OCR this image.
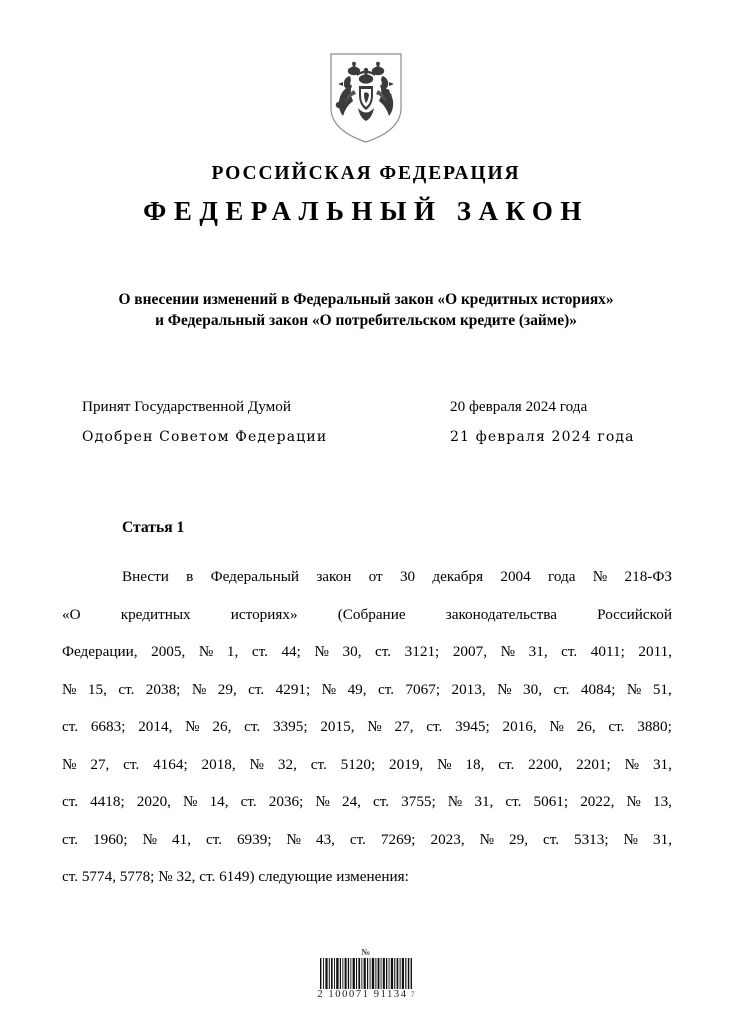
РОССИЙСКАЯ ФЕДЕРАЦИЯ
ФЕДЕРАЛЬНЫЙ ЗАКОН
О внесении изменений в Федеральный закон «О кредитных историях»
и Федеральный закон «О потребительском кредите (займе)»
Принят Государственной Думой	20 февраля 2024 года
Одобрен Советом Федерации	21 февраля 2024 года
Статья 1
Внести в Федеральный закон от 30 декабря 2004 года № 218-ФЗ
«О	кредитных	историях»	(Собрание	законодательства	Российской
Федерации, 2005, № 1, ст. 44; № 30, ст. 3121; 2007, № 31, ст. 4011; 2011,
№ 15, ст. 2038; № 29, ст. 4291; № 49, ст. 7067; 2013, № 30, ст. 4084; № 51,
ст. 6683; 2014, № 26, ст. 3395; 2015, № 27, ст. 3945; 2016, № 26, ст. 3880;
№ 27, ст. 4164; 2018, № 32, ст. 5120; 2019, № 18, ст. 2200, 2201; № 31,
ст. 4418; 2020, № 14, ст. 2036; № 24, ст. 3755; № 31, ст. 5061; 2022, № 13,
ст. 1960; № 41, ст. 6939; № 43, ст. 7269; 2023, № 29, ст. 5313; № 31,
ст. 5774, 5778; № 32, ст. 6149) следующие изменения:
№
2 100071 91134 7
